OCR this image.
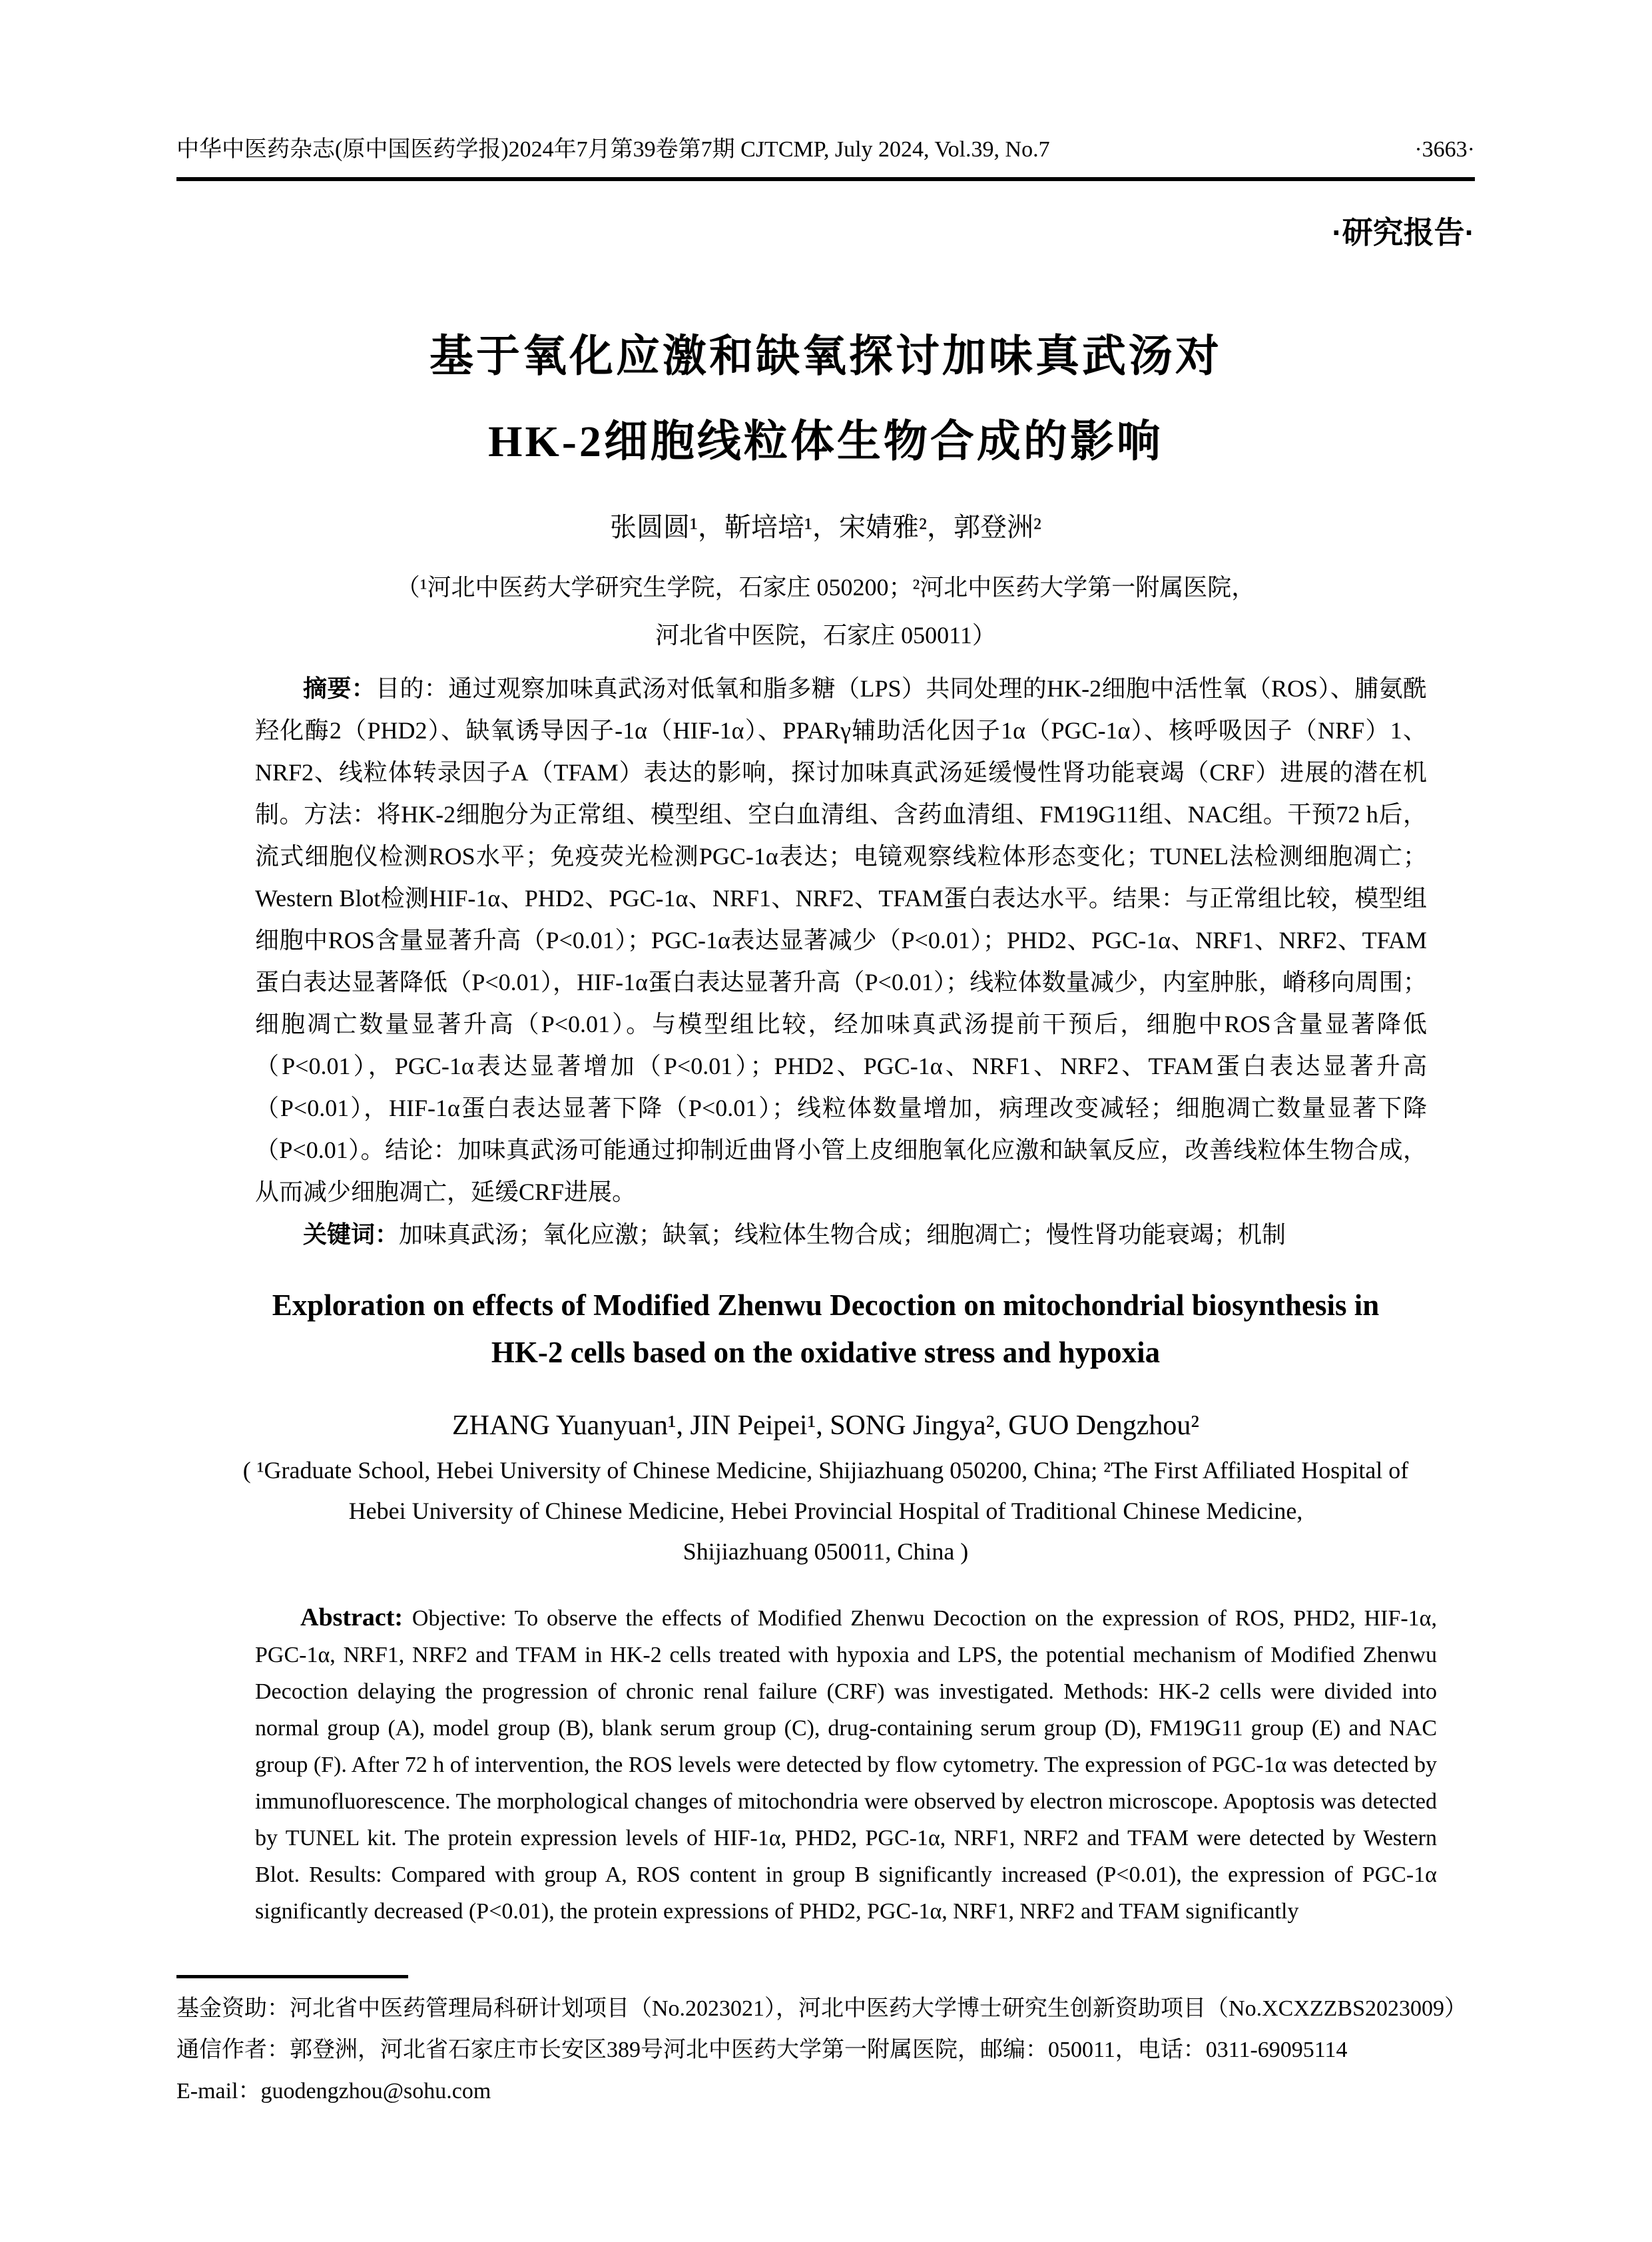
中华中医药杂志(原中国医药学报)2024年7月第39卷第7期 CJTCMP, July 2024, Vol.39, No.7	·3663·
·研究报告·
基于氧化应激和缺氧探讨加味真武汤对
HK-2细胞线粒体生物合成的影响
张圆圆¹，靳培培¹，宋婧雅²，郭登洲²
（¹河北中医药大学研究生学院，石家庄 050200；²河北中医药大学第一附属医院，
河北省中医院，石家庄 050011）

摘要：目的：通过观察加味真武汤对低氧和脂多糖（LPS）共同处理的HK-2细胞中活性氧（ROS）、脯氨酰羟化酶2（PHD2）、缺氧诱导因子-1α（HIF-1α）、PPARγ辅助活化因子1α（PGC-1α）、核呼吸因子（NRF）1、NRF2、线粒体转录因子A（TFAM）表达的影响，探讨加味真武汤延缓慢性肾功能衰竭（CRF）进展的潜在机制。方法：将HK-2细胞分为正常组、模型组、空白血清组、含药血清组、FM19G11组、NAC组。干预72 h后，流式细胞仪检测ROS水平；免疫荧光检测PGC-1α表达；电镜观察线粒体形态变化；TUNEL法检测细胞凋亡；Western Blot检测HIF-1α、PHD2、PGC-1α、NRF1、NRF2、TFAM蛋白表达水平。结果：与正常组比较，模型组细胞中ROS含量显著升高（P<0.01）；PGC-1α表达显著减少（P<0.01）；PHD2、PGC-1α、NRF1、NRF2、TFAM蛋白表达显著降低（P<0.01），HIF-1α蛋白表达显著升高（P<0.01）；线粒体数量减少，内室肿胀，嵴移向周围；细胞凋亡数量显著升高（P<0.01）。与模型组比较，经加味真武汤提前干预后，细胞中ROS含量显著降低（P<0.01），PGC-1α表达显著增加（P<0.01）；PHD2、PGC-1α、NRF1、NRF2、TFAM蛋白表达显著升高（P<0.01），HIF-1α蛋白表达显著下降（P<0.01）；线粒体数量增加，病理改变减轻；细胞凋亡数量显著下降（P<0.01）。结论：加味真武汤可能通过抑制近曲肾小管上皮细胞氧化应激和缺氧反应，改善线粒体生物合成，从而减少细胞凋亡，延缓CRF进展。

关键词：加味真武汤；氧化应激；缺氧；线粒体生物合成；细胞凋亡；慢性肾功能衰竭；机制

Exploration on effects of Modified Zhenwu Decoction on mitochondrial biosynthesis in
HK-2 cells based on the oxidative stress and hypoxia
ZHANG Yuanyuan¹, JIN Peipei¹, SONG Jingya², GUO Dengzhou²
( ¹Graduate School, Hebei University of Chinese Medicine, Shijiazhuang 050200, China; ²The First Affiliated Hospital of
Hebei University of Chinese Medicine, Hebei Provincial Hospital of Traditional Chinese Medicine,
Shijiazhuang 050011, China )

Abstract: Objective: To observe the effects of Modified Zhenwu Decoction on the expression of ROS, PHD2, HIF-1α, PGC-1α, NRF1, NRF2 and TFAM in HK-2 cells treated with hypoxia and LPS, the potential mechanism of Modified Zhenwu Decoction delaying the progression of chronic renal failure (CRF) was investigated. Methods: HK-2 cells were divided into normal group (A), model group (B), blank serum group (C), drug-containing serum group (D), FM19G11 group (E) and NAC group (F). After 72 h of intervention, the ROS levels were detected by flow cytometry. The expression of PGC-1α was detected by immunofluorescence. The morphological changes of mitochondria were observed by electron microscope. Apoptosis was detected by TUNEL kit. The protein expression levels of HIF-1α, PHD2, PGC-1α, NRF1, NRF2 and TFAM were detected by Western Blot. Results: Compared with group A, ROS content in group B significantly increased (P<0.01), the expression of PGC-1α significantly decreased (P<0.01), the protein expressions of PHD2, PGC-1α, NRF1, NRF2 and TFAM significantly

基金资助：河北省中医药管理局科研计划项目（No.2023021），河北中医药大学博士研究生创新资助项目（No.XCXZZBS2023009）
通信作者：郭登洲，河北省石家庄市长安区389号河北中医药大学第一附属医院，邮编：050011，电话：0311-69095114
E-mail：guodengzhou@sohu.com
